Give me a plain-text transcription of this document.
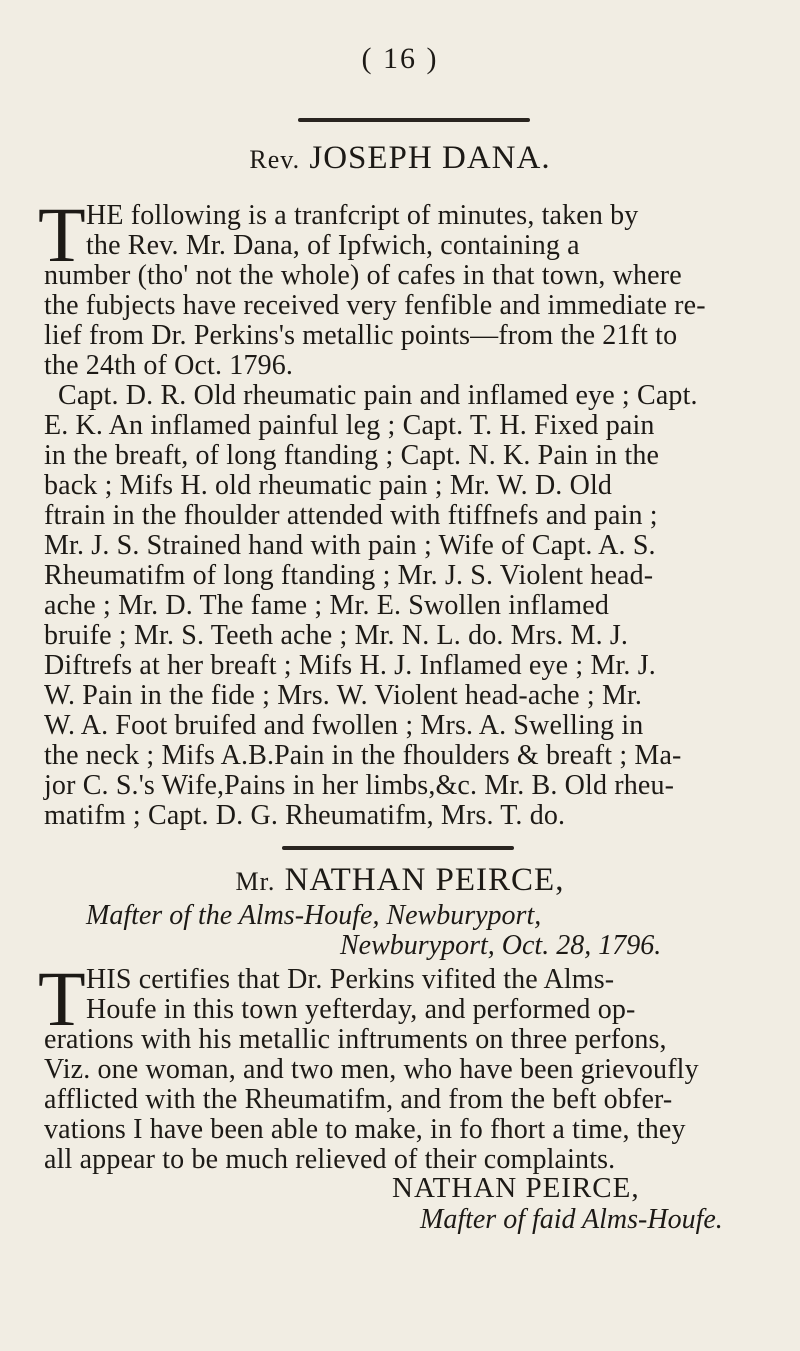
( 16 )
Rev. JOSEPH DANA.
T HE following is a tranfcript of minutes, taken by
the Rev. Mr. Dana, of Ipfwich, containing a
number (tho' not the whole) of cafes in that town, where
the fubjects have received very fenfible and immediate re-
lief from Dr. Perkins's metallic points—from the 21ft to
the 24th of Oct. 1796.
Capt. D. R. Old rheumatic pain and inflamed eye ; Capt.
E. K. An inflamed painful leg ; Capt. T. H. Fixed pain
in the breaft, of long ftanding ; Capt. N. K. Pain in the
back ; Mifs H. old rheumatic pain ; Mr. W. D. Old
ftrain in the fhoulder attended with ftiffnefs and pain ;
Mr. J. S. Strained hand with pain ; Wife of Capt. A. S.
Rheumatifm of long ftanding ; Mr. J. S. Violent head-
ache ; Mr. D. The fame ; Mr. E. Swollen inflamed
bruife ; Mr. S. Teeth ache ; Mr. N. L. do. Mrs. M. J.
Diftrefs at her breaft ; Mifs H. J. Inflamed eye ; Mr. J.
W. Pain in the fide ; Mrs. W. Violent head-ache ; Mr.
W. A. Foot bruifed and fwollen ; Mrs. A. Swelling in
the neck ; Mifs A.B.Pain in the fhoulders & breaft ; Ma-
jor C. S.'s Wife,Pains in her limbs,&c. Mr. B. Old rheu-
matifm ; Capt. D. G. Rheumatifm, Mrs. T. do.
Mr. NATHAN PEIRCE,
Mafter of the Alms-Houfe, Newburyport,
Newburyport, Oct. 28, 1796.
T HIS certifies that Dr. Perkins vifited the Alms-
Houfe in this town yefterday, and performed op-
erations with his metallic inftruments on three perfons,
Viz. one woman, and two men, who have been grievoufly
afflicted with the Rheumatifm, and from the beft obfer-
vations I have been able to make, in fo fhort a time, they
all appear to be much relieved of their complaints.
NATHAN PEIRCE,
Mafter of faid Alms-Houfe.
